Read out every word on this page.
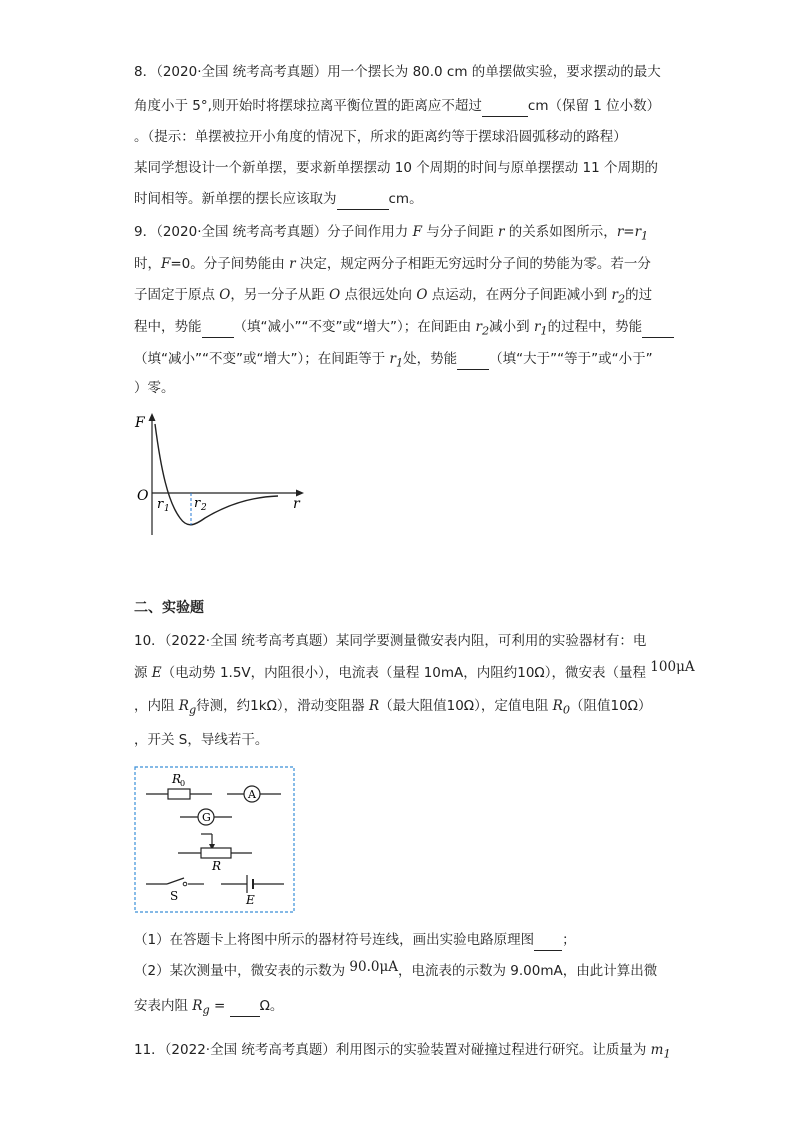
8．（2020·全国 统考高考真题）用一个摆长为 80.0 cm 的单摆做实验，要求摆动的最大
角度小于 5°,则开始时将摆球拉离平衡位置的距离应不超过	cm（保留 1 位小数）
。（提示：单摆被拉开小角度的情况下，所求的距离约等于摆球沿圆弧移动的路程）
某同学想设计一个新单摆，要求新单摆摆动 10 个周期的时间与原单摆摆动 11 个周期的
时间相等。新单摆的摆长应该取为	cm。
9．（2020·全国 统考高考真题）分子间作用力 F 与分子间距 r 的关系如图所示，$r=r_1$
时，F=0。分子间势能由 r 决定，规定两分子相距无穷远时分子间的势能为零。若一分
子固定于原点 O，另一分子从距 O 点很远处向 O 点运动，在两分子间距减小到 $r_2$的过
程中，势能 （填“减小”“不变”或“增大”）；在间距由 $r_2$减小到 $r_1$的过程中，势能
（填“减小”“不变”或“增大”）；在间距等于 $r_1$处，势能 （填“大于”“等于”或“小于”
）零。
F
O	r
r 1 r 2
二、实验题
10．（2022·全国 统考高考真题）某同学要测量微安表内阻，可利用的实验器材有：电
源 E（电动势 1.5V，内阻很小），电流表（量程 10mA，内阻约10Ω），微安表（量程 100μA
，内阻 $R_g$待测，约1kΩ），滑动变阻器 R（最大阻值10Ω），定值电阻 $R_0$（阻值10Ω）
，开关 S，导线若干。
R
0
A
G
R
S	E
（1）在答题卡上将图中所示的器材符号连线，画出实验电路原理图 ；
（2）某次测量中，微安表的示数为 90.0μA，电流表的示数为 9.00mA，由此计算出微
安表内阻 $R_g = \Omega$。
11．（2022·全国 统考高考真题）利用图示的实验装置对碰撞过程进行研究。让质量为 $m_1$
